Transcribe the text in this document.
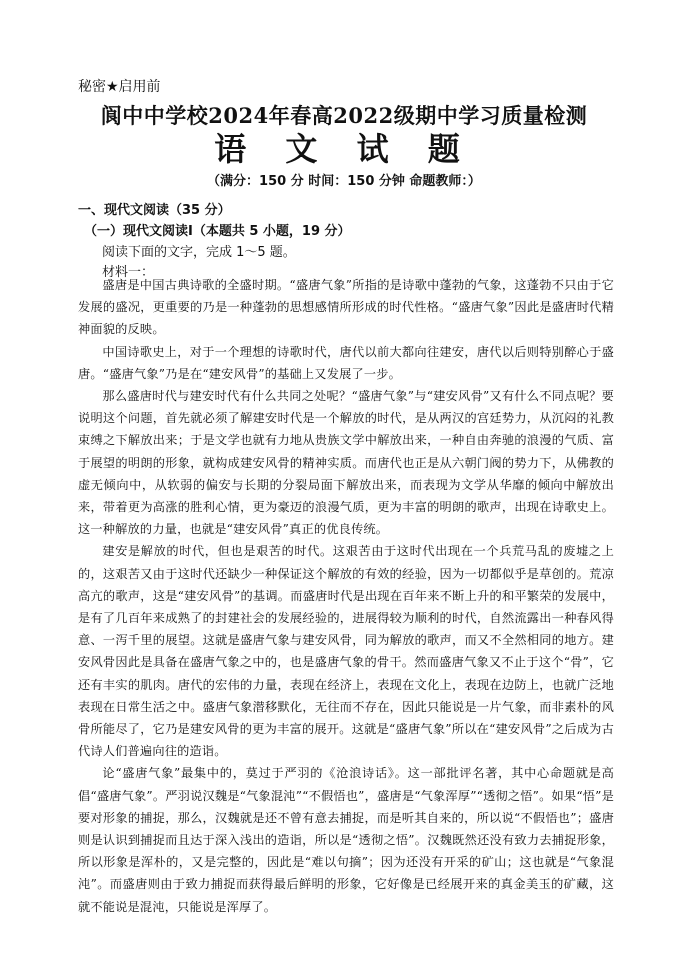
秘密★启用前
阆中中学校2024年春高2022级期中学习质量检测
语 文 试 题
（满分：150 分 时间：150 分钟 命题教师：）
一、现代文阅读（35 分）
（一）现代文阅读Ⅰ（本题共 5 小题，19 分）
阅读下面的文字，完成 1～5 题。
材料一：

盛唐是中国古典诗歌的全盛时期。“盛唐气象”所指的是诗歌中蓬勃的气象，这蓬勃不只由于它发展的盛况，更重要的乃是一种蓬勃的思想感情所形成的时代性格。“盛唐气象”因此是盛唐时代精神面貌的反映。

中国诗歌史上，对于一个理想的诗歌时代，唐代以前大都向往建安，唐代以后则特别醉心于盛唐。“盛唐气象”乃是在“建安风骨”的基础上又发展了一步。

那么盛唐时代与建安时代有什么共同之处呢？“盛唐气象”与“建安风骨”又有什么不同点呢？要说明这个问题，首先就必须了解建安时代是一个解放的时代，是从两汉的宫廷势力，从沉闷的礼教束缚之下解放出来；于是文学也就有力地从贵族文学中解放出来，一种自由奔驰的浪漫的气质、富于展望的明朗的形象，就构成建安风骨的精神实质。而唐代也正是从六朝门阀的势力下，从佛教的虚无倾向中，从软弱的偏安与长期的分裂局面下解放出来，而表现为文学从华靡的倾向中解放出来，带着更为高涨的胜利心情，更为豪迈的浪漫气质，更为丰富的明朗的歌声，出现在诗歌史上。这一种解放的力量，也就是“建安风骨”真正的优良传统。

建安是解放的时代，但也是艰苦的时代。这艰苦由于这时代出现在一个兵荒马乱的废墟之上的，这艰苦又由于这时代还缺少一种保证这个解放的有效的经验，因为一切都似乎是草创的。荒凉高亢的歌声，这是“建安风骨”的基调。而盛唐时代是出现在百年来不断上升的和平繁荣的发展中，是有了几百年来成熟了的封建社会的发展经验的，进展得较为顺利的时代，自然流露出一种春风得意、一泻千里的展望。这就是盛唐气象与建安风骨，同为解放的歌声，而又不全然相同的地方。建安风骨因此是具备在盛唐气象之中的，也是盛唐气象的骨干。然而盛唐气象又不止于这个“骨”，它还有丰实的肌肉。唐代的宏伟的力量，表现在经济上，表现在文化上，表现在边防上，也就广泛地表现在日常生活之中。盛唐气象潜移默化，无往而不存在，因此只能说是一片气象，而非素朴的风骨所能尽了，它乃是建安风骨的更为丰富的展开。这就是“盛唐气象”所以在“建安风骨”之后成为古代诗人们普遍向往的造诣。

论“盛唐气象”最集中的，莫过于严羽的《沧浪诗话》。这一部批评名著，其中心命题就是高倡“盛唐气象”。严羽说汉魏是“气象混沌”“不假悟也”，盛唐是“气象浑厚”“透彻之悟”。如果“悟”是要对形象的捕捉，那么，汉魏就是还不曾有意去捕捉，而是听其自来的，所以说“不假悟也”；盛唐则是认识到捕捉而且达于深入浅出的造诣，所以是“透彻之悟”。汉魏既然还没有致力去捕捉形象，所以形象是浑朴的，又是完整的，因此是“难以句摘”；因为还没有开采的矿山；这也就是“气象混沌”。而盛唐则由于致力捕捉而获得最后鲜明的形象，它好像是已经展开来的真金美玉的矿藏，这就不能说是混沌，只能说是浑厚了。
